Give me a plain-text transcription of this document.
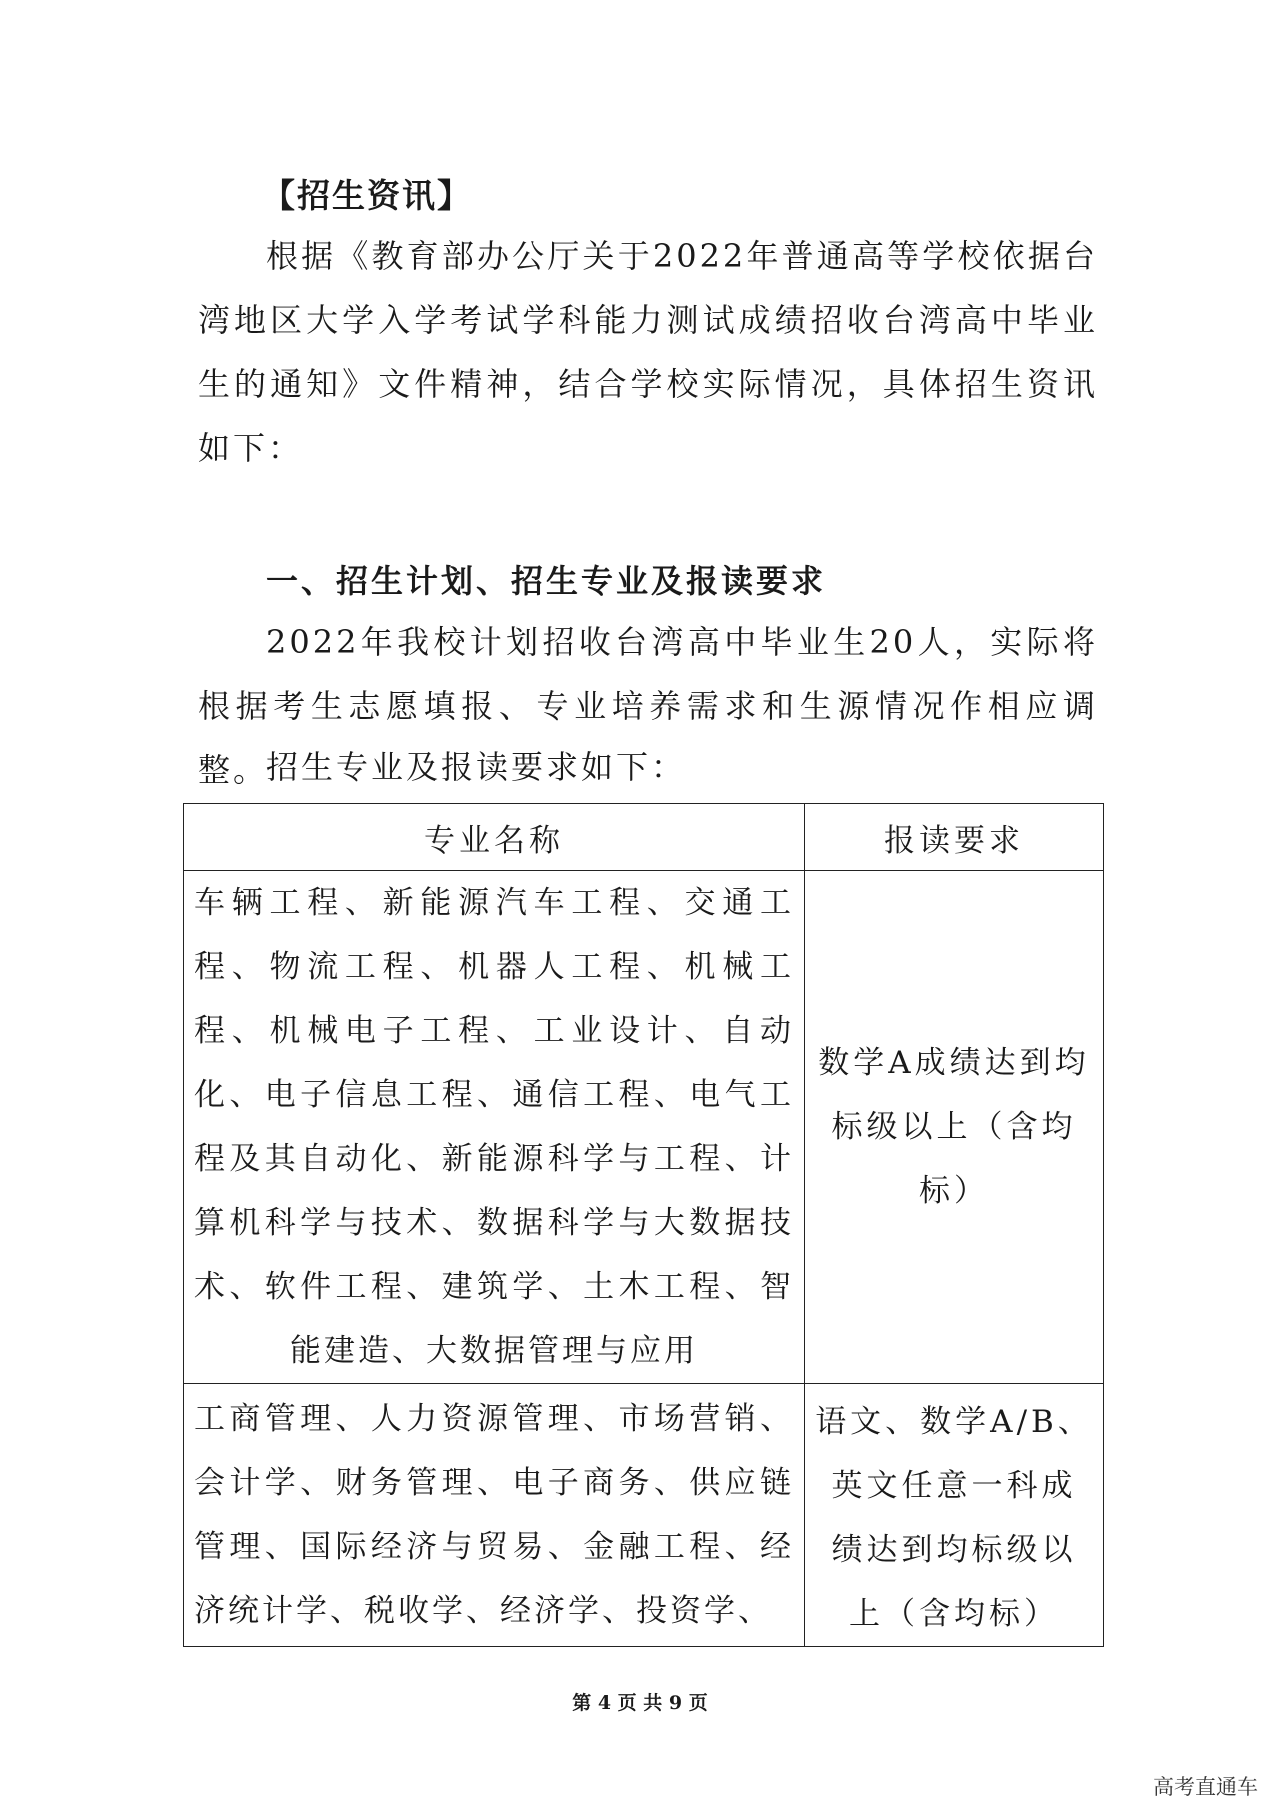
【招生资讯】

根据《教育部办公厅关于2022年普通高等学校依据台湾地区大学入学考试学科能力测试成绩招收台湾高中毕业生的通知》文件精神，结合学校实际情况，具体招生资讯如下：

一、招生计划、招生专业及报读要求

2022年我校计划招收台湾高中毕业生20人，实际将根据考生志愿填报、专业培养需求和生源情况作相应调整。

招生专业及报读要求如下：
专业名称	报读要求
车辆工程、新能源汽车工程、交通工程、物流工程、机器人工程、机械工程、机械电子工程、工业设计、自动化、电子信息工程、通信工程、电气工程及其自动化、新能源科学与工程、计算机科学与技术、数据科学与大数据技术、软件工程、建筑学、土木工程、智能建造、大数据管理与应用	数学A成绩达到均标级以上（含均标）
工商管理、人力资源管理、市场营销、会计学、财务管理、电子商务、供应链管理、国际经济与贸易、金融工程、经济统计学、税收学、经济学、投资学、	语文、数学A/B、英文任意一科成绩达到均标级以上（含均标）
第 4 页 共 9 页
高考直通车
